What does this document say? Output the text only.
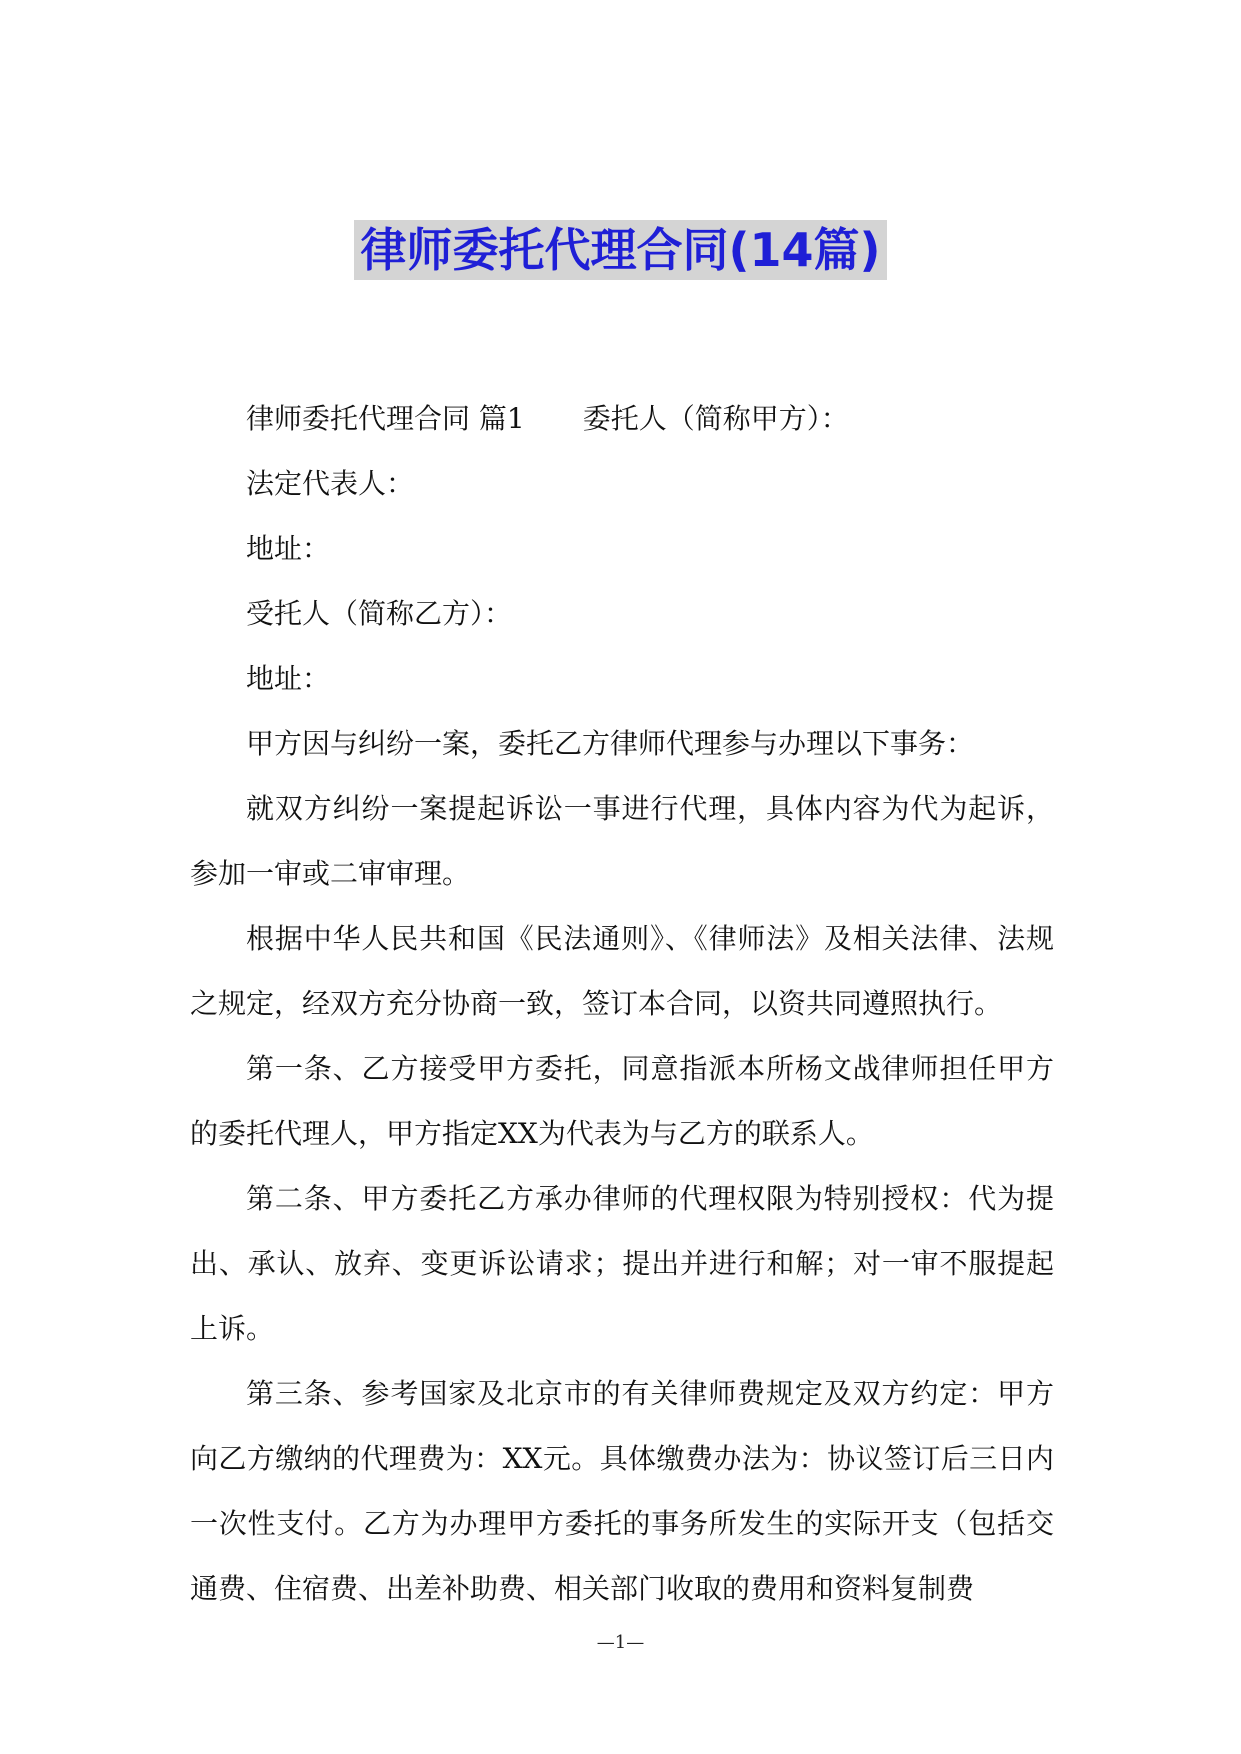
律师委托代理合同(14篇)

律师委托代理合同 篇1 委托人（简称甲方）：

法定代表人：

地址：

受托人（简称乙方）：

地址：

甲方因与纠纷一案，委托乙方律师代理参与办理以下事务：

就双方纠纷一案提起诉讼一事进行代理，具体内容为代为起诉，参加一审或二审审理。

根据中华人民共和国《民法通则》、《律师法》及相关法律、法规之规定，经双方充分协商一致，签订本合同，以资共同遵照执行。

第一条、乙方接受甲方委托，同意指派本所杨文战律师担任甲方的委托代理人，甲方指定XX为代表为与乙方的联系人。

第二条、甲方委托乙方承办律师的代理权限为特别授权：代为提出、承认、放弃、变更诉讼请求；提出并进行和解；对一审不服提起上诉。

第三条、参考国家及北京市的有关律师费规定及双方约定：甲方向乙方缴纳的代理费为：XX元。具体缴费办法为：协议签订后三日内一次性支付。乙方为办理甲方委托的事务所发生的实际开支（包括交通费、住宿费、出差补助费、相关部门收取的费用和资料复制费

—1—
